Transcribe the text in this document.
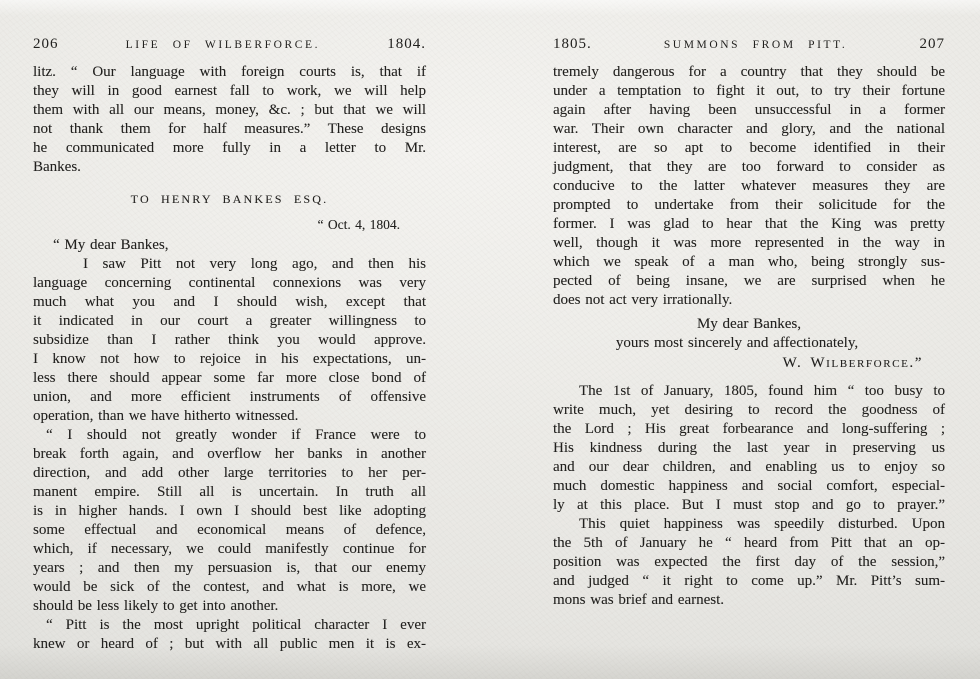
206	LIFE OF WILBERFORCE.	1804.
litz. “ Our language with foreign courts is, that if
they will in good earnest fall to work, we will help
them with all our means, money, &c. ; but that we will
not thank them for half measures.” These designs
he communicated more fully in a letter to Mr.
Bankes.
TO HENRY BANKES ESQ.
“ Oct. 4, 1804.
“ My dear Bankes,
I saw Pitt not very long ago, and then his
language concerning continental connexions was very
much what you and I should wish, except that
it indicated in our court a greater willingness to
subsidize than I rather think you would approve.
I know not how to rejoice in his expectations, un-
less there should appear some far more close bond of
union, and more efficient instruments of offensive
operation, than we have hitherto witnessed.
“ I should not greatly wonder if France were to
break forth again, and overflow her banks in another
direction, and add other large territories to her per-
manent empire. Still all is uncertain. In truth all
is in higher hands. I own I should best like adopting
some effectual and economical means of defence,
which, if necessary, we could manifestly continue for
years ; and then my persuasion is, that our enemy
would be sick of the contest, and what is more, we
should be less likely to get into another.
“ Pitt is the most upright political character I ever
knew or heard of ; but with all public men it is ex-
1805.	SUMMONS FROM PITT.	207
tremely dangerous for a country that they should be
under a temptation to fight it out, to try their fortune
again after having been unsuccessful in a former
war. Their own character and glory, and the national
interest, are so apt to become identified in their
judgment, that they are too forward to consider as
conducive to the latter whatever measures they are
prompted to undertake from their solicitude for the
former. I was glad to hear that the King was pretty
well, though it was more represented in the way in
which we speak of a man who, being strongly sus-
pected of being insane, we are surprised when he
does not act very irrationally.
My dear Bankes,
yours most sincerely and affectionately,
W. Wilberforce.”
The 1st of January, 1805, found him “ too busy to
write much, yet desiring to record the goodness of
the Lord ; His great forbearance and long-suffering ;
His kindness during the last year in preserving us
and our dear children, and enabling us to enjoy so
much domestic happiness and social comfort, especial-
ly at this place. But I must stop and go to prayer.”
This quiet happiness was speedily disturbed. Upon
the 5th of January he “ heard from Pitt that an op-
position was expected the first day of the session,”
and judged “ it right to come up.” Mr. Pitt’s sum-
mons was brief and earnest.
